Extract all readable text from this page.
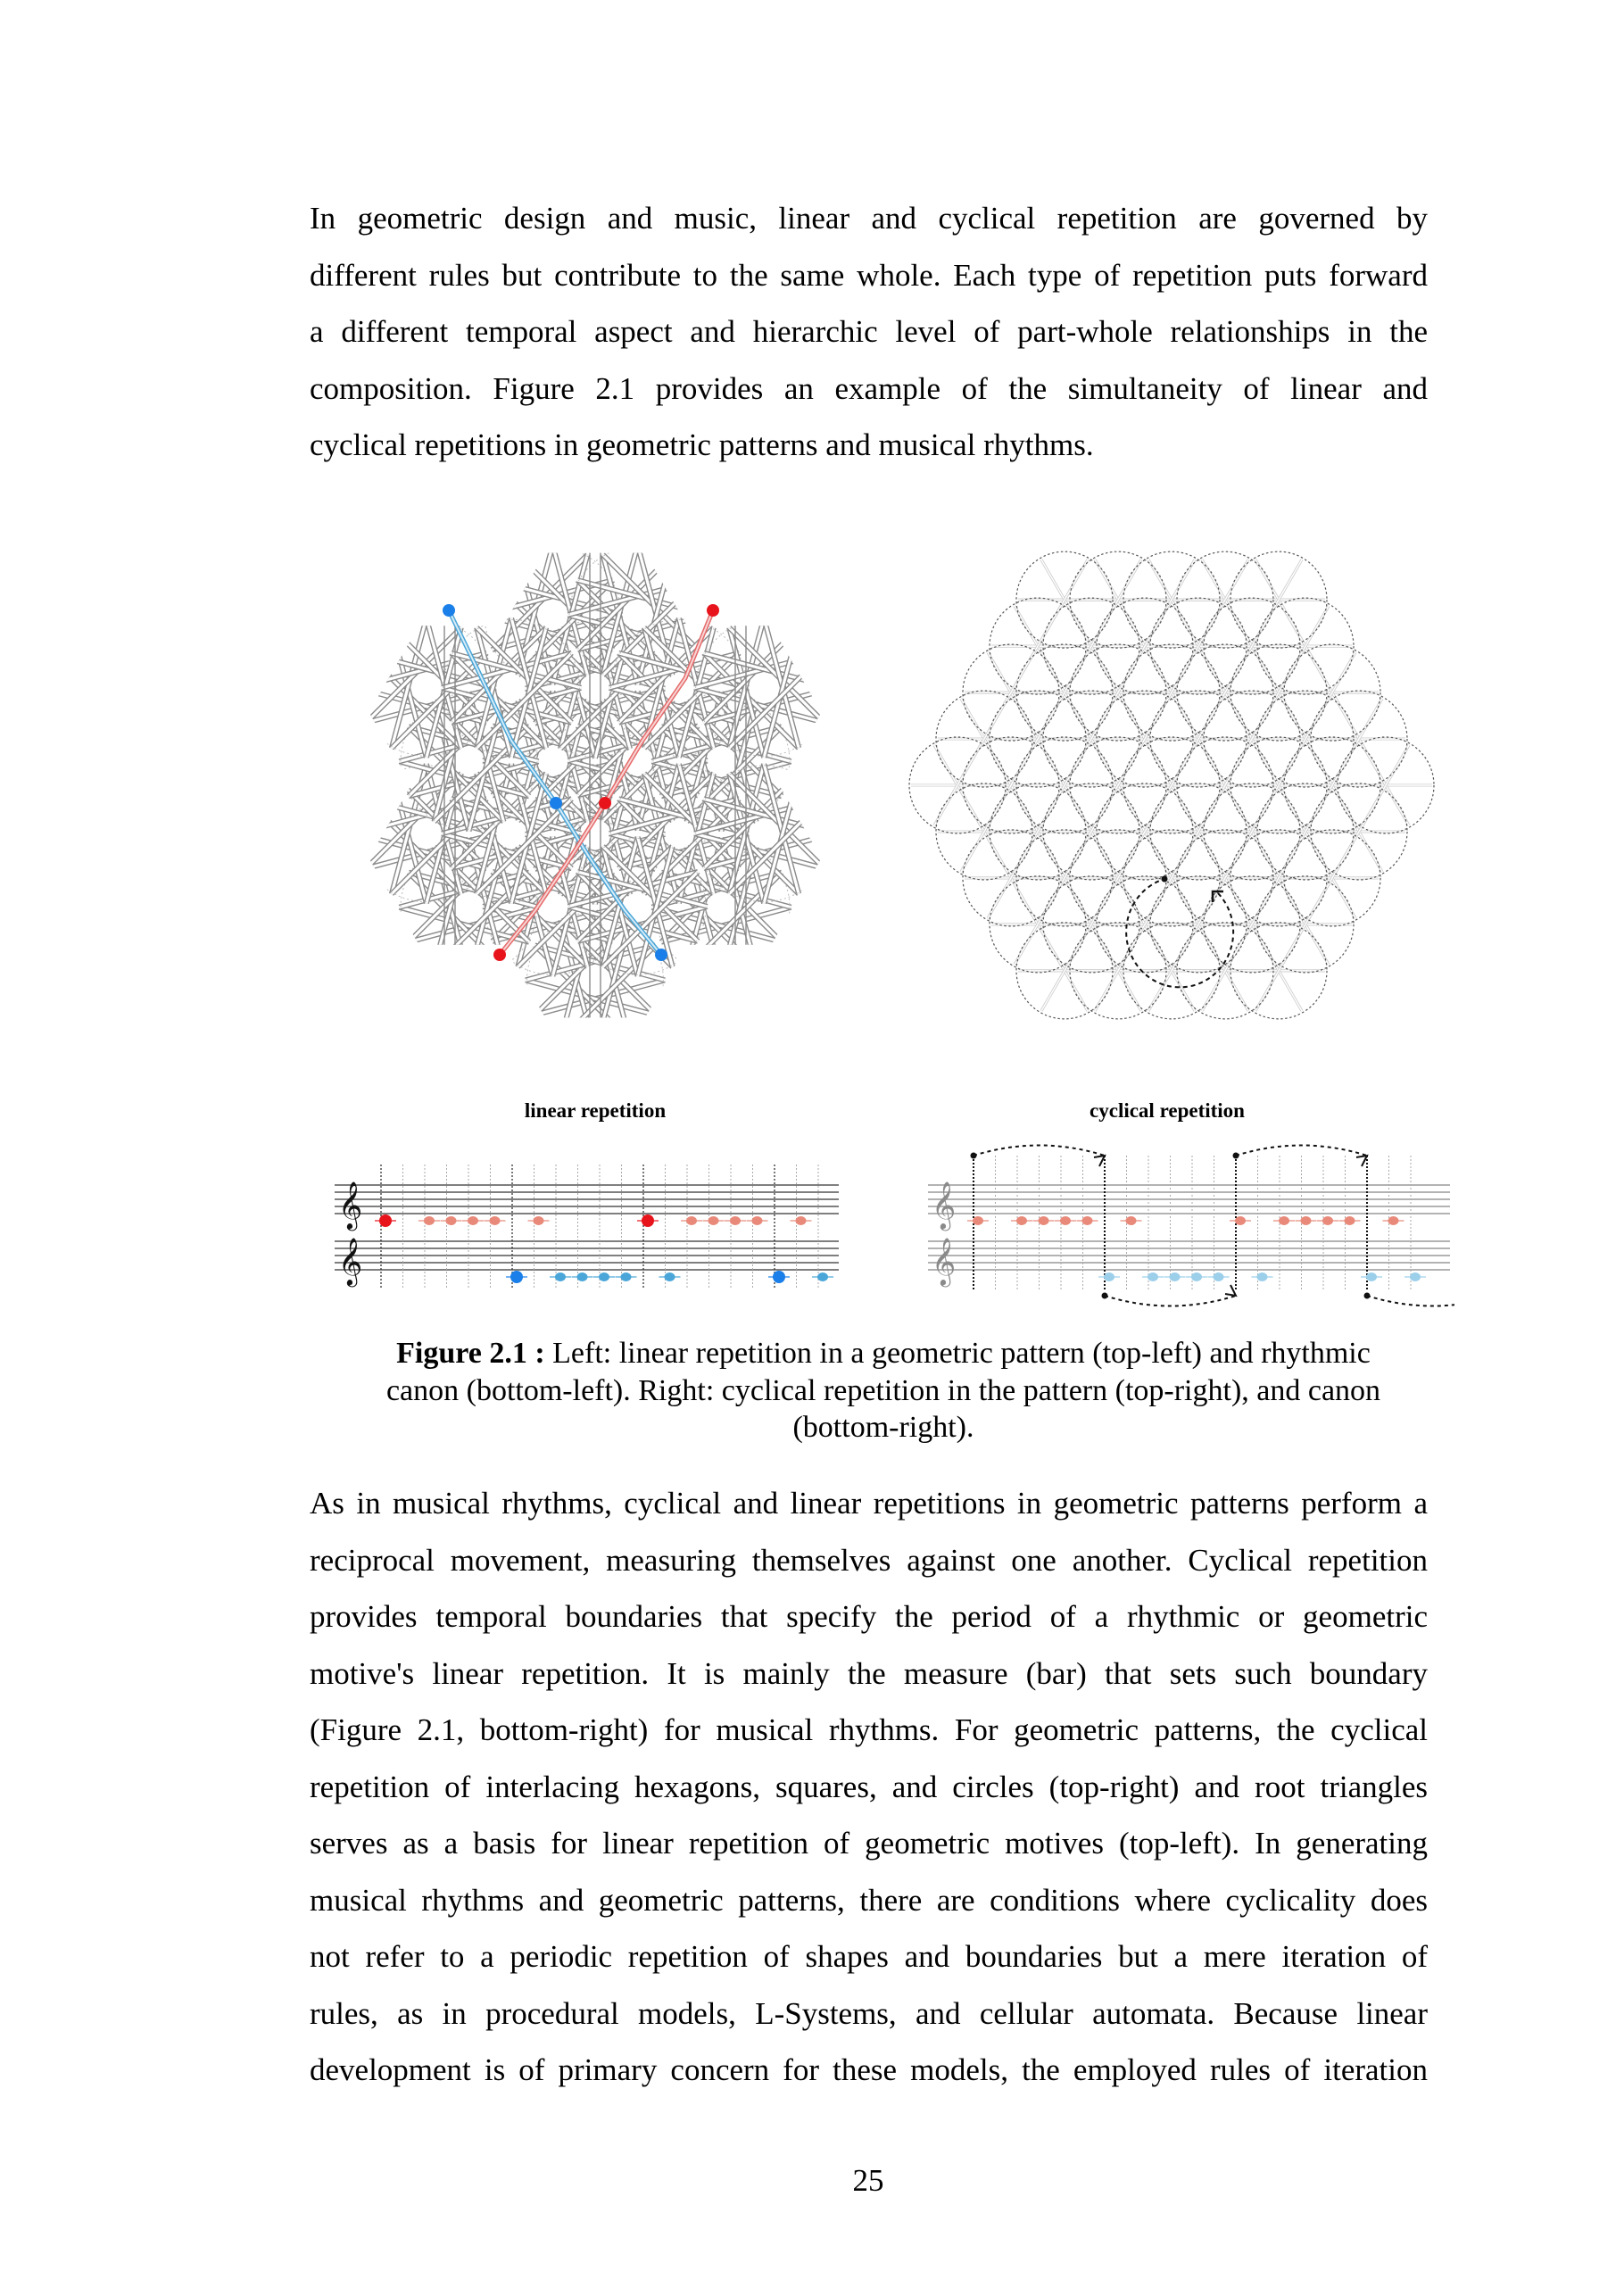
In geometric design and music, linear and cyclical repetition are governed by
different rules but contribute to the same whole. Each type of repetition puts forward
a different temporal aspect and hierarchic level of part-whole relationships in the
composition. Figure 2.1 provides an example of the simultaneity of linear and
cyclical repetitions in geometric patterns and musical rhythms.
linear repetition	cyclical repetition
𝄞
𝄞
𝄞
𝄞
Figure 2.1 : Left: linear repetition in a geometric pattern (top-left) and rhythmic
canon (bottom-left). Right: cyclical repetition in the pattern (top-right), and canon
(bottom-right).
As in musical rhythms, cyclical and linear repetitions in geometric patterns perform a
reciprocal movement, measuring themselves against one another. Cyclical repetition
provides temporal boundaries that specify the period of a rhythmic or geometric
motive's linear repetition. It is mainly the measure (bar) that sets such boundary
(Figure 2.1, bottom-right) for musical rhythms. For geometric patterns, the cyclical
repetition of interlacing hexagons, squares, and circles (top-right) and root triangles
serves as a basis for linear repetition of geometric motives (top-left). In generating
musical rhythms and geometric patterns, there are conditions where cyclicality does
not refer to a periodic repetition of shapes and boundaries but a mere iteration of
rules, as in procedural models, L-Systems, and cellular automata. Because linear
development is of primary concern for these models, the employed rules of iteration
25
